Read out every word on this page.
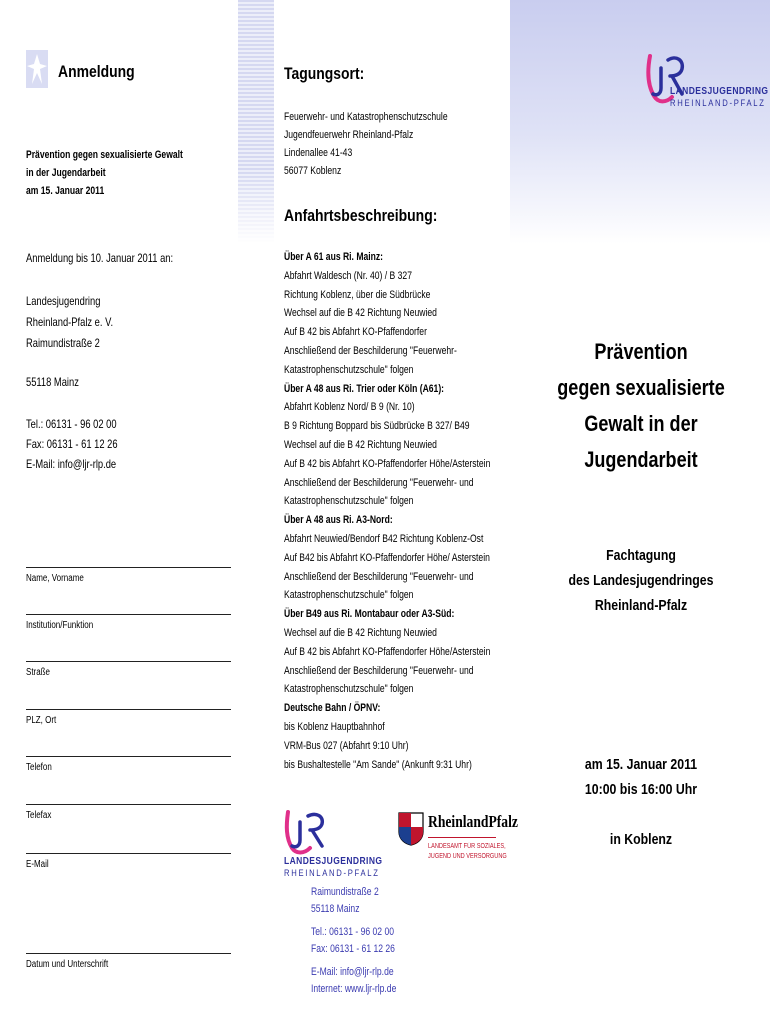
Anmeldung
Prävention gegen sexualisierte Gewalt
in der Jugendarbeit
am 15. Januar 2011
Anmeldung bis 10. Januar 2011 an:
Landesjugendring
Rheinland-Pfalz e. V.
Raimundistraße 2
55118 Mainz
Tel.: 06131 - 96 02 00
Fax: 06131 - 61 12 26
E-Mail: info@ljr-rlp.de
Name, Vorname
Institution/Funktion
Straße
PLZ, Ort
Telefon
Telefax
E-Mail
Datum und Unterschrift
Tagungsort:
Feuerwehr- und Katastrophenschutzschule
Jugendfeuerwehr Rheinland-Pfalz
Lindenallee 41-43
56077 Koblenz
Anfahrtsbeschreibung:
Über A 61 aus Ri. Mainz:
Abfahrt Waldesch (Nr. 40) / B 327
Richtung Koblenz, über die Südbrücke
Wechsel auf die B 42 Richtung Neuwied
Auf B 42 bis Abfahrt KO-Pfaffendorfer
Anschließend der Beschilderung "Feuerwehr-
Katastrophenschutzschule" folgen
Über A 48 aus Ri. Trier oder Köln (A61):
Abfahrt Koblenz Nord/ B 9 (Nr. 10)
B 9 Richtung Boppard bis Südbrücke B 327/ B49
Wechsel auf die B 42 Richtung Neuwied
Auf B 42 bis Abfahrt KO-Pfaffendorfer Höhe/Asterstein
Anschließend der Beschilderung "Feuerwehr- und
Katastrophenschutzschule" folgen
Über A 48 aus Ri. A3-Nord:
Abfahrt Neuwied/Bendorf B42 Richtung Koblenz-Ost
Auf B42 bis Abfahrt KO-Pfaffendorfer Höhe/ Asterstein
Anschließend der Beschilderung "Feuerwehr- und
Katastrophenschutzschule" folgen
Über B49 aus Ri. Montabaur oder A3-Süd:
Wechsel auf die B 42 Richtung Neuwied
Auf B 42 bis Abfahrt KO-Pfaffendorfer Höhe/Asterstein
Anschließend der Beschilderung "Feuerwehr- und
Katastrophenschutzschule" folgen
Deutsche Bahn / ÖPNV:
bis Koblenz Hauptbahnhof
VRM-Bus 027 (Abfahrt 9:10 Uhr)
bis Bushaltestelle "Am Sande" (Ankunft 9:31 Uhr)
LANDESJUGENDRING
RHEINLAND-PFALZ
RheinlandPfalz
LANDESAMT FÜR SOZIALES,
JUGEND UND VERSORGUNG
Raimundistraße 2
55118 Mainz
Tel.: 06131 - 96 02 00
Fax: 06131 - 61 12 26
E-Mail: info@ljr-rlp.de
Internet: www.ljr-rlp.de
LANDESJUGENDRING
RHEINLAND-PFALZ
Prävention
gegen sexualisierte
Gewalt in der
Jugendarbeit
Fachtagung
des Landesjugendringes
Rheinland-Pfalz
am 15. Januar 2011
10:00 bis 16:00 Uhr
in Koblenz
